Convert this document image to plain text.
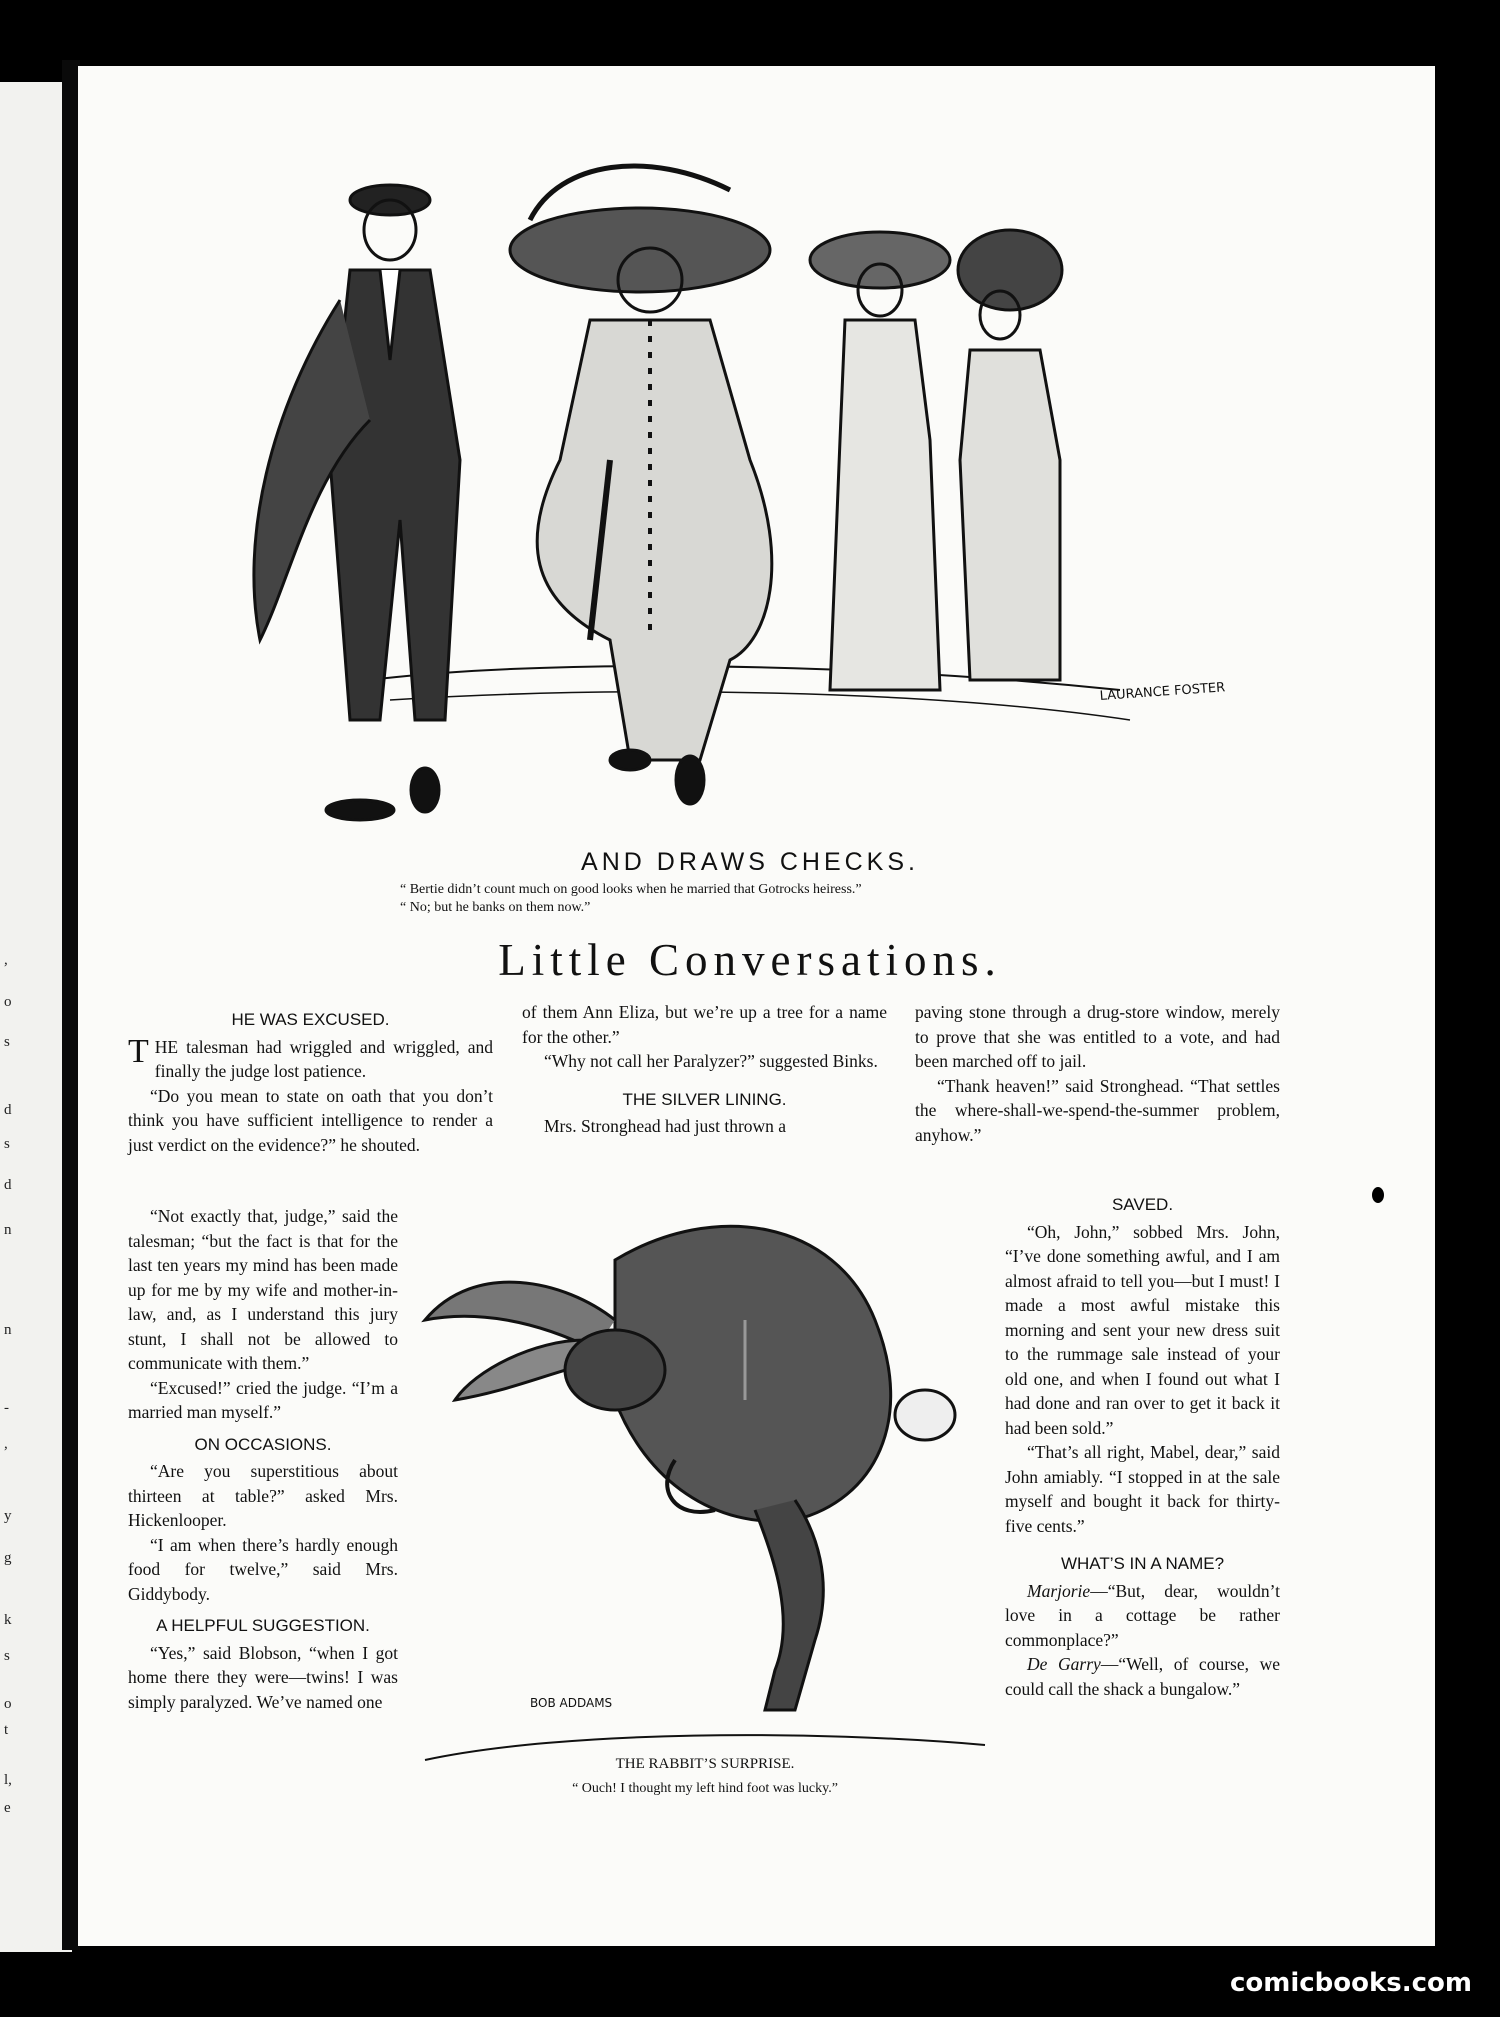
,
o
s
d
s
d
n
n
-
,
y
g
k
s
o
t
l,
e
LAURANCE FOSTER
AND DRAWS CHECKS.
“ Bertie didn’t count much on good looks when he married that Gotrocks heiress.”
“ No; but he banks on them now.”
Little Conversations.
HE WAS EXCUSED.

THE talesman had wriggled and wriggled, and finally the judge lost patience.

“Do you mean to state on oath that you don’t think you have sufficient intelligence to render a just verdict on the evidence?” he shouted.

“Not exactly that, judge,” said the talesman; “but the fact is that for the last ten years my mind has been made up for me by my wife and mother-in-law, and, as I understand this jury stunt, I shall not be allowed to communicate with them.”

“Excused!” cried the judge. “I’m a married man myself.”

ON OCCASIONS.

“Are you superstitious about thirteen at table?” asked Mrs. Hickenlooper.

“I am when there’s hardly enough food for twelve,” said Mrs. Giddybody.

A HELPFUL SUGGESTION.

“Yes,” said Blobson, “when I got home there they were—twins! I was simply paralyzed. We’ve named one

of them Ann Eliza, but we’re up a tree for a name for the other.”

“Why not call her Paralyzer?” suggested Binks.

THE SILVER LINING.

Mrs. Stronghead had just thrown a

paving stone through a drug-store window, merely to prove that she was entitled to a vote, and had been marched off to jail.

“Thank heaven!” said Stronghead. “That settles the where-shall-we-spend-the-summer problem, anyhow.”

SAVED.

“Oh, John,” sobbed Mrs. John, “I’ve done something awful, and I am almost afraid to tell you—but I must! I made a most awful mistake this morning and sent your new dress suit to the rummage sale instead of your old one, and when I found out what I had done and ran over to get it back it had been sold.”

“That’s all right, Mabel, dear,” said John amiably. “I stopped in at the sale myself and bought it back for thirty-five cents.”

WHAT’S IN A NAME?

Marjorie—“But, dear, wouldn’t love in a cottage be rather commonplace?”

De Garry—“Well, of course, we could call the shack a bungalow.”

BOB ADDAMS
THE RABBIT’S SURPRISE.
“ Ouch! I thought my left hind foot was lucky.”
comicbooks.com
